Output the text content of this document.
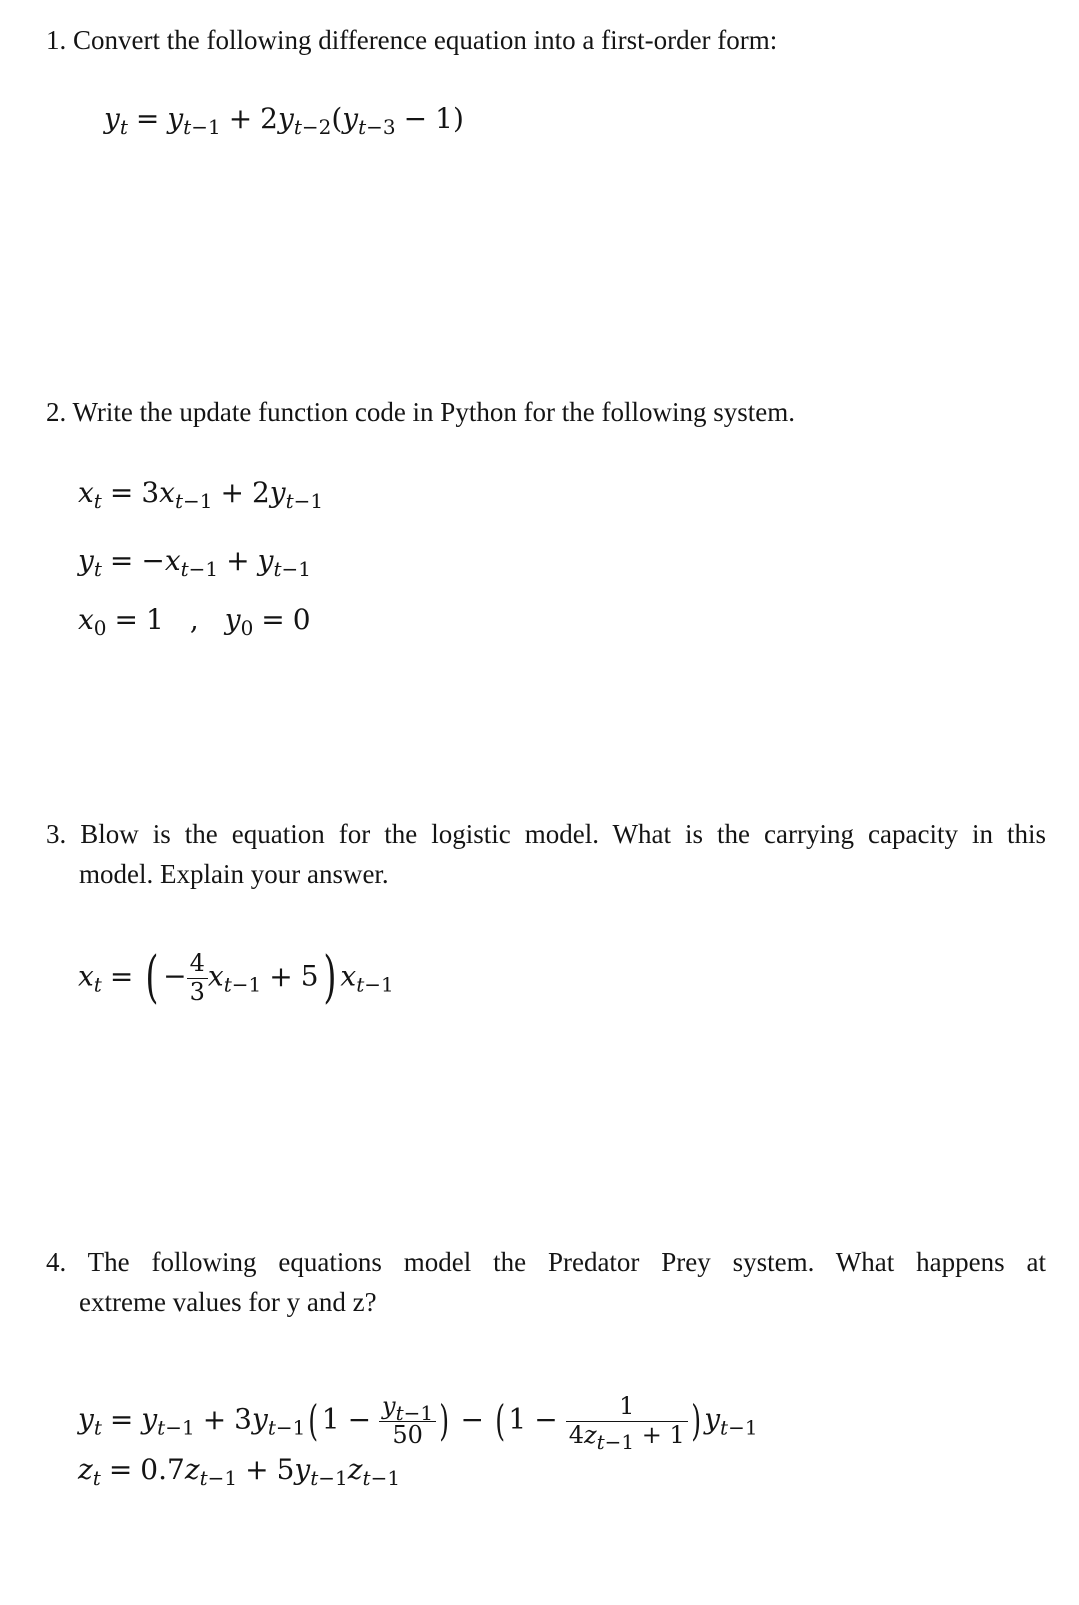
1. Convert the following difference equation into a first-order form:

$y_t = y_{t-1} + 2y_{t-2}(y_{t-3} - 1)$

2. Write the update function code in Python for the following system.

$x_t = 3x_{t-1} + 2y_{t-1}$
$y_t = -x_{t-1} + y_{t-1}$
$x_0 = 1$ , $y_0 = 0$

3. Blow is the equation for the logistic model. What is the carrying capacity in this
model. Explain your answer.

$x_t$ = ( − $\frac{4}{3} x_{t-1} + 5$) $x_{t-1}$

4. The following equations model the Predator Prey system. What happens at
extreme values for y and z?

$y_t = y_{t-1} + 3y_{t-1}$( $1 - \frac{y_{t-1}}{50}$ ) − ( $1 - \frac{1}{4z_{t-1} + 1}$ ) $y_{t-1}$
$z_t = 0.7z_{t-1} + 5y_{t-1}z_{t-1}$
